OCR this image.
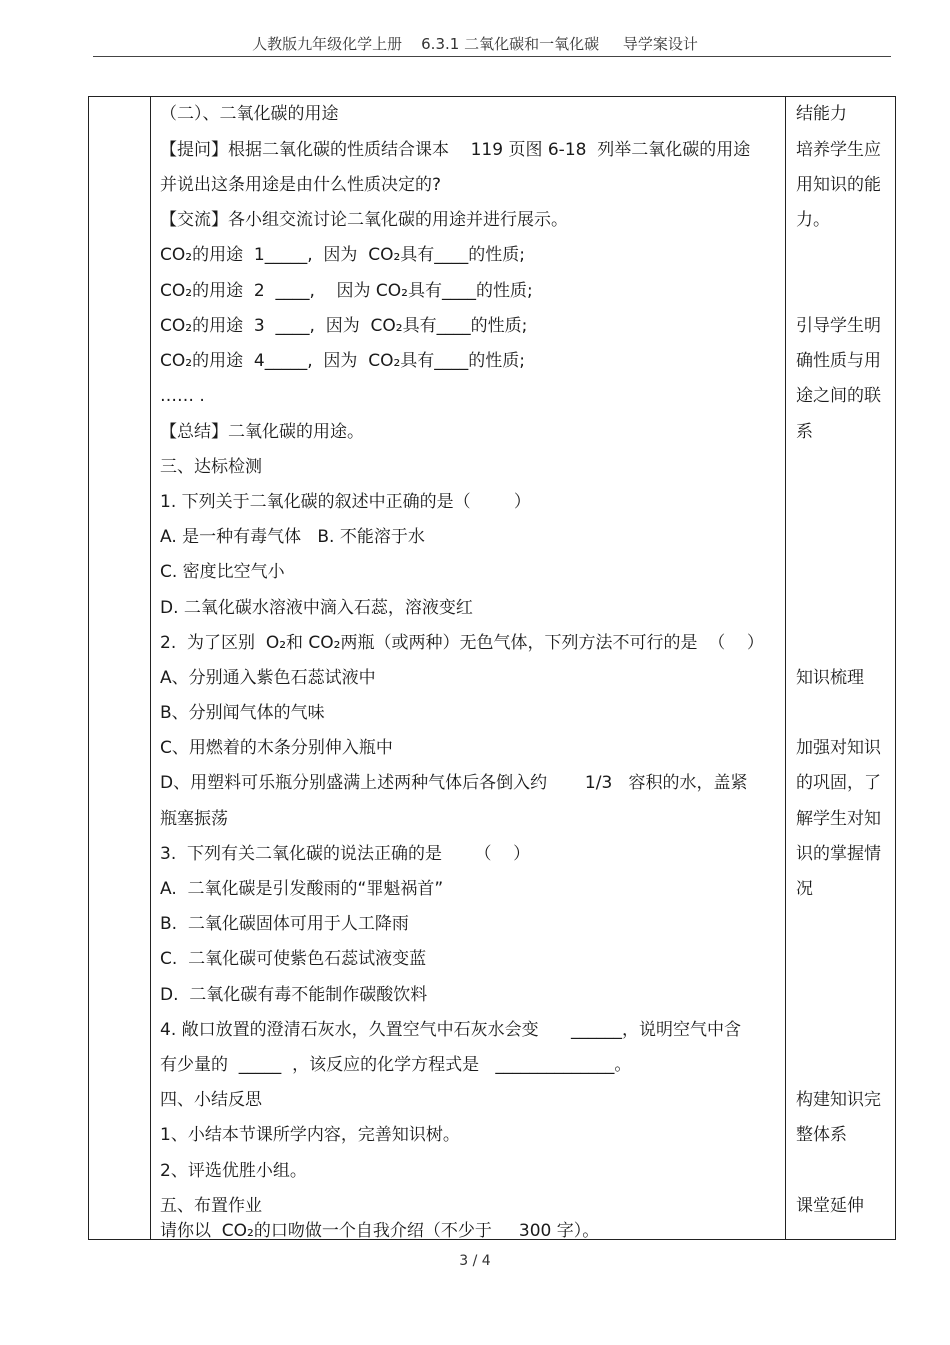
人教版九年级化学上册    6.3.1 二氧化碳和一氧化碳     导学案设计
（二）、二氧化碳的用途
【提问】根据二氧化碳的性质结合课本    119 页图 6-18  列举二氧化碳的用途
并说出这条用途是由什么性质决定的?
【交流】各小组交流讨论二氧化碳的用途并进行展示。
CO₂的用途  1_____,  因为  CO₂具有____的性质;
CO₂的用途  2  ____,    因为 CO₂具有____的性质;
CO₂的用途  3  ____,  因为  CO₂具有____的性质;
CO₂的用途  4_____,  因为  CO₂具有____的性质;
…… .
【总结】二氧化碳的用途。
三、达标检测
1. 下列关于二氧化碳的叙述中正确的是（        ）
A. 是一种有毒气体   B. 不能溶于水
C. 密度比空气小
D. 二氧化碳水溶液中滴入石蕊，溶液变红
2.  为了区别  O₂和 CO₂两瓶（或两种）无色气体，下列方法不可行的是  （    ）
A、分别通入紫色石蕊试液中
B、分别闻气体的气味
C、用燃着的木条分别伸入瓶中
D、用塑料可乐瓶分别盛满上述两种气体后各倒入约       1/3   容积的水，盖紧
瓶塞振荡
3.  下列有关二氧化碳的说法正确的是      （    ）
A.  二氧化碳是引发酸雨的“罪魁祸首”
B.  二氧化碳固体可用于人工降雨
C.  二氧化碳可使紫色石蕊试液变蓝
D.  二氧化碳有毒不能制作碳酸饮料
4. 敞口放置的澄清石灰水，久置空气中石灰水会变      ______，说明空气中含
有少量的  _____  ，该反应的化学方程式是   ______________。
四、小结反思
1、小结本节课所学内容，完善知识树。
2、评选优胜小组。
五、布置作业
请你以  CO₂的口吻做一个自我介绍（不少于     300 字）。
结能力
培养学生应
用知识的能
力。
引导学生明
确性质与用
途之间的联
系
知识梳理
加强对知识
的巩固，了
解学生对知
识的掌握情
况
构建知识完
整体系
课堂延伸
3 / 4
